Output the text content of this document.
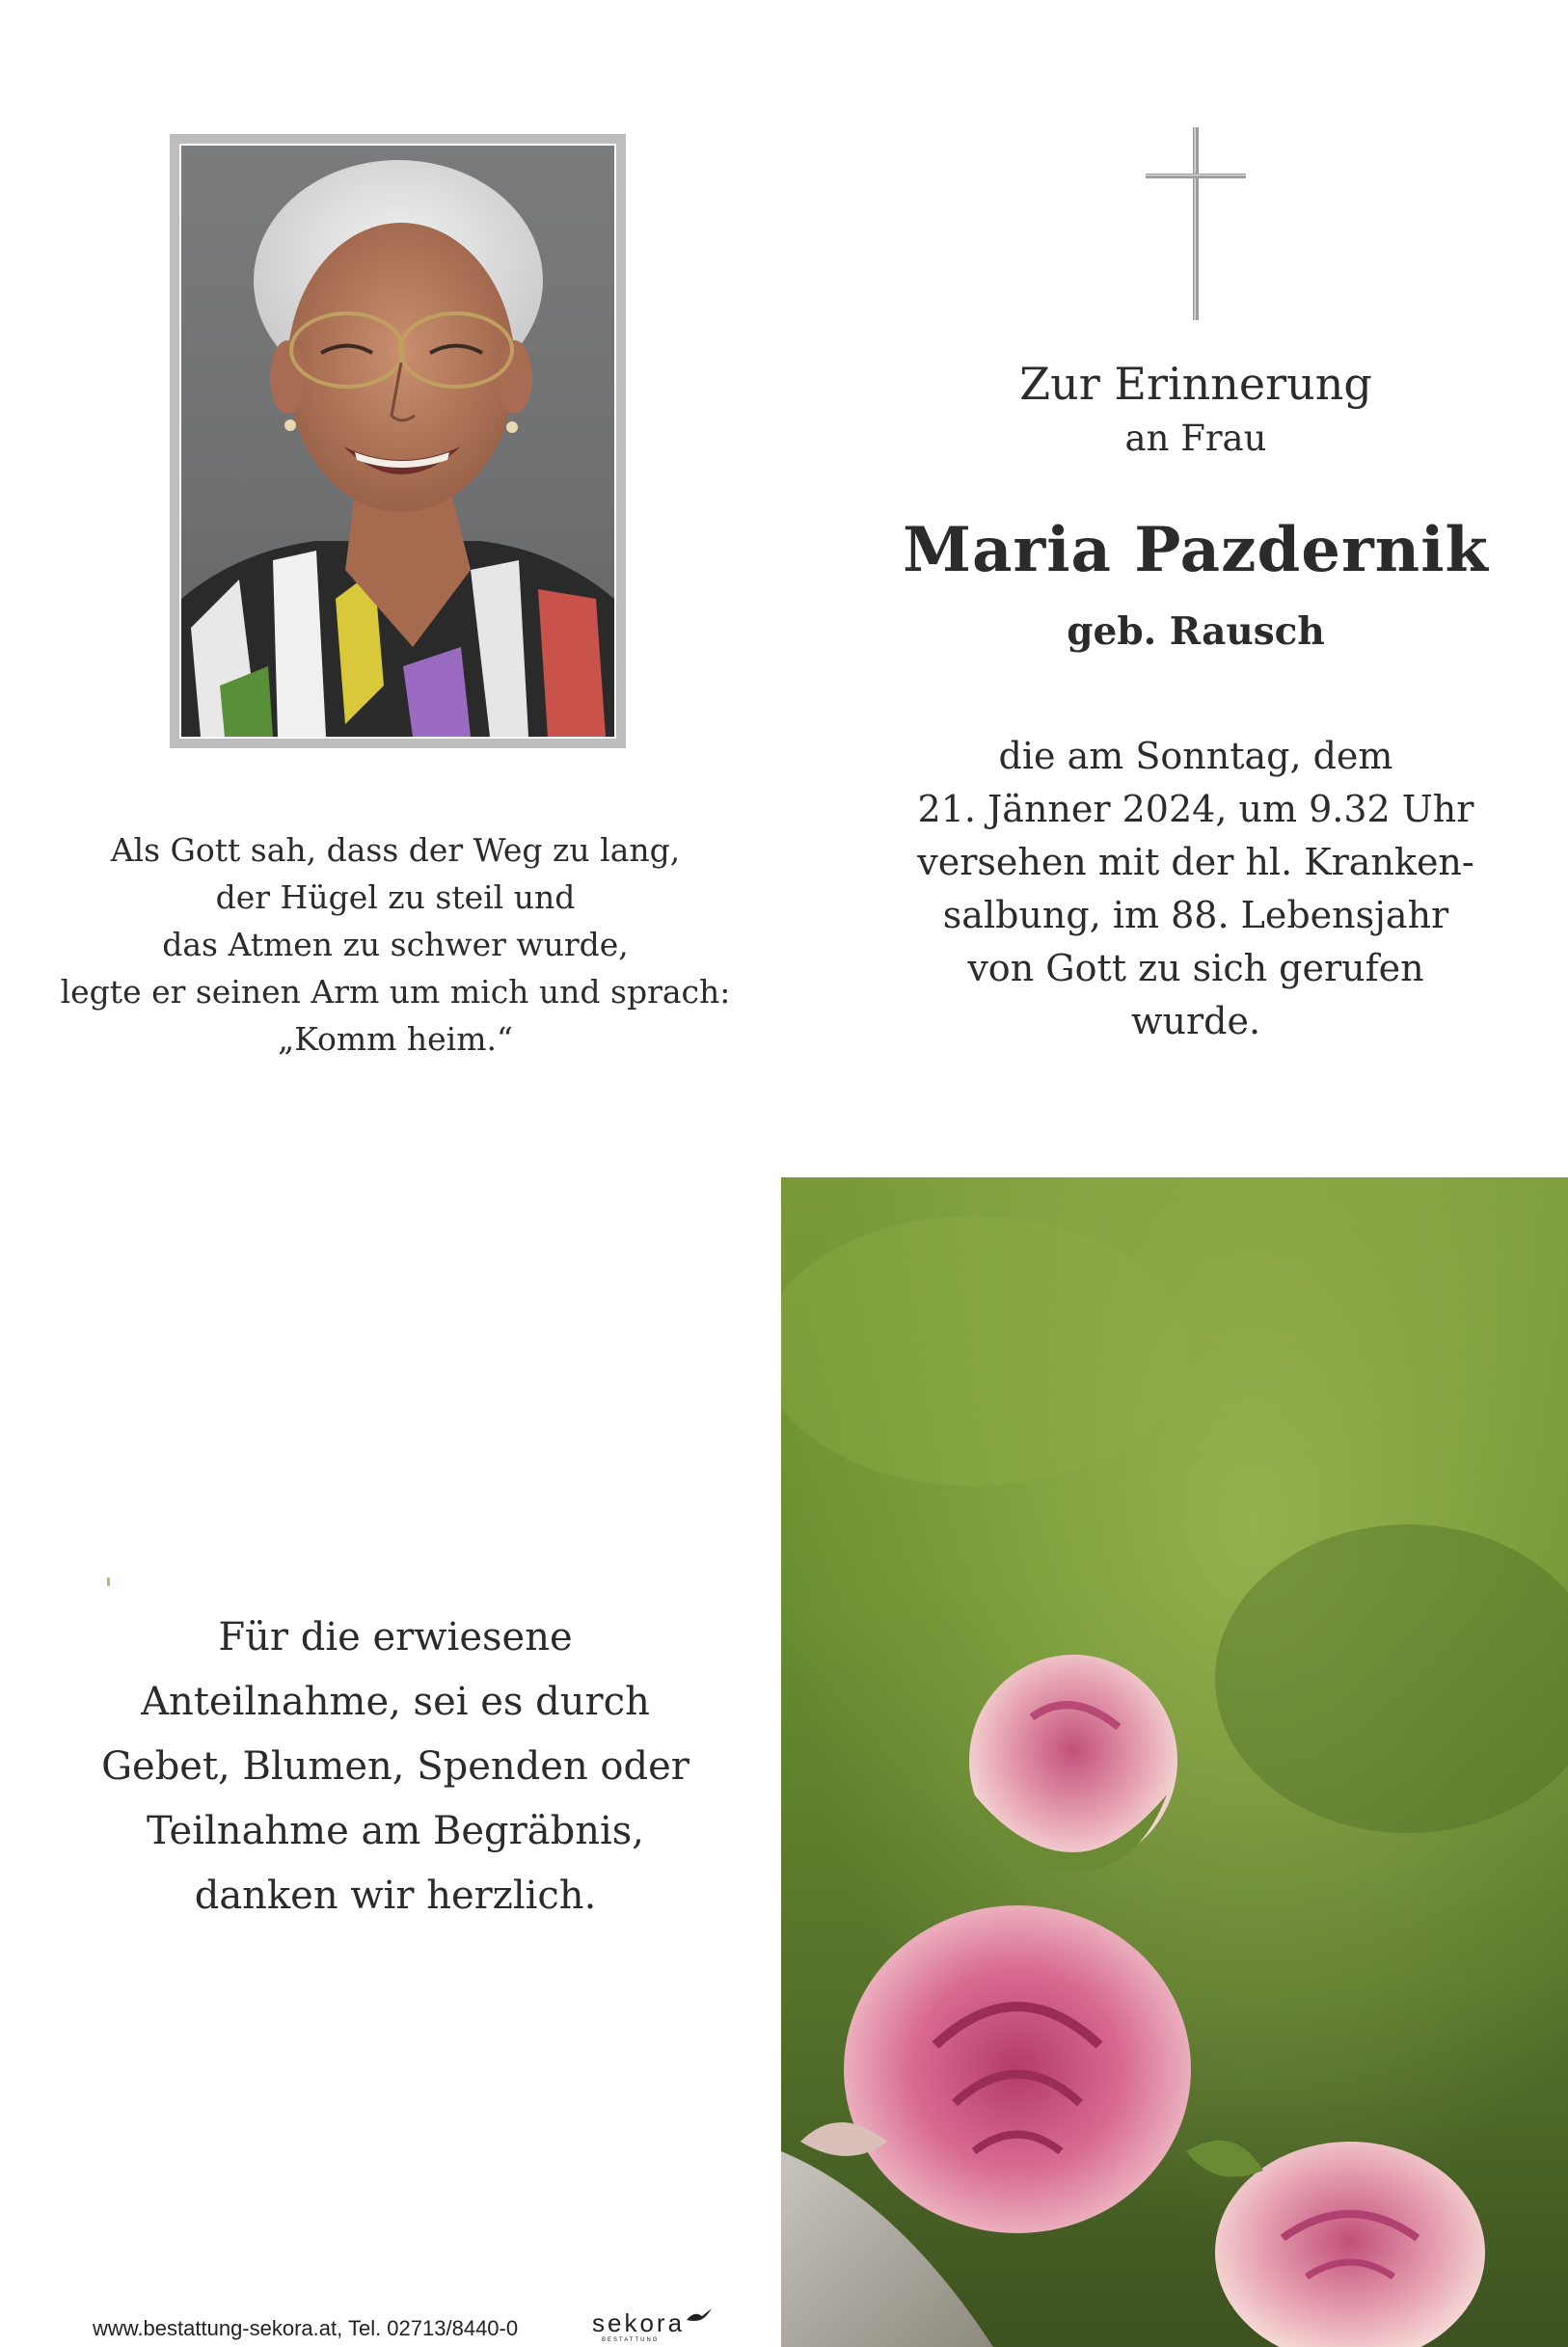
Zur Erinnerung
an Frau
Maria Pazdernik
geb. Rausch
die am Sonntag, dem
21. Jänner 2024, um 9.32 Uhr
versehen mit der hl. Kranken-
salbung, im 88. Lebensjahr
von Gott zu sich gerufen
wurde.
Als Gott sah, dass der Weg zu lang,
der Hügel zu steil und
das Atmen zu schwer wurde,
legte er seinen Arm um mich und sprach:
„Komm heim.“
Für die erwiesene
Anteilnahme, sei es durch
Gebet, Blumen, Spenden oder
Teilnahme am Begräbnis,
danken wir herzlich.
www.bestattung-sekora.at, Tel. 02713/8440-0	sekora
BESTATTUNG
